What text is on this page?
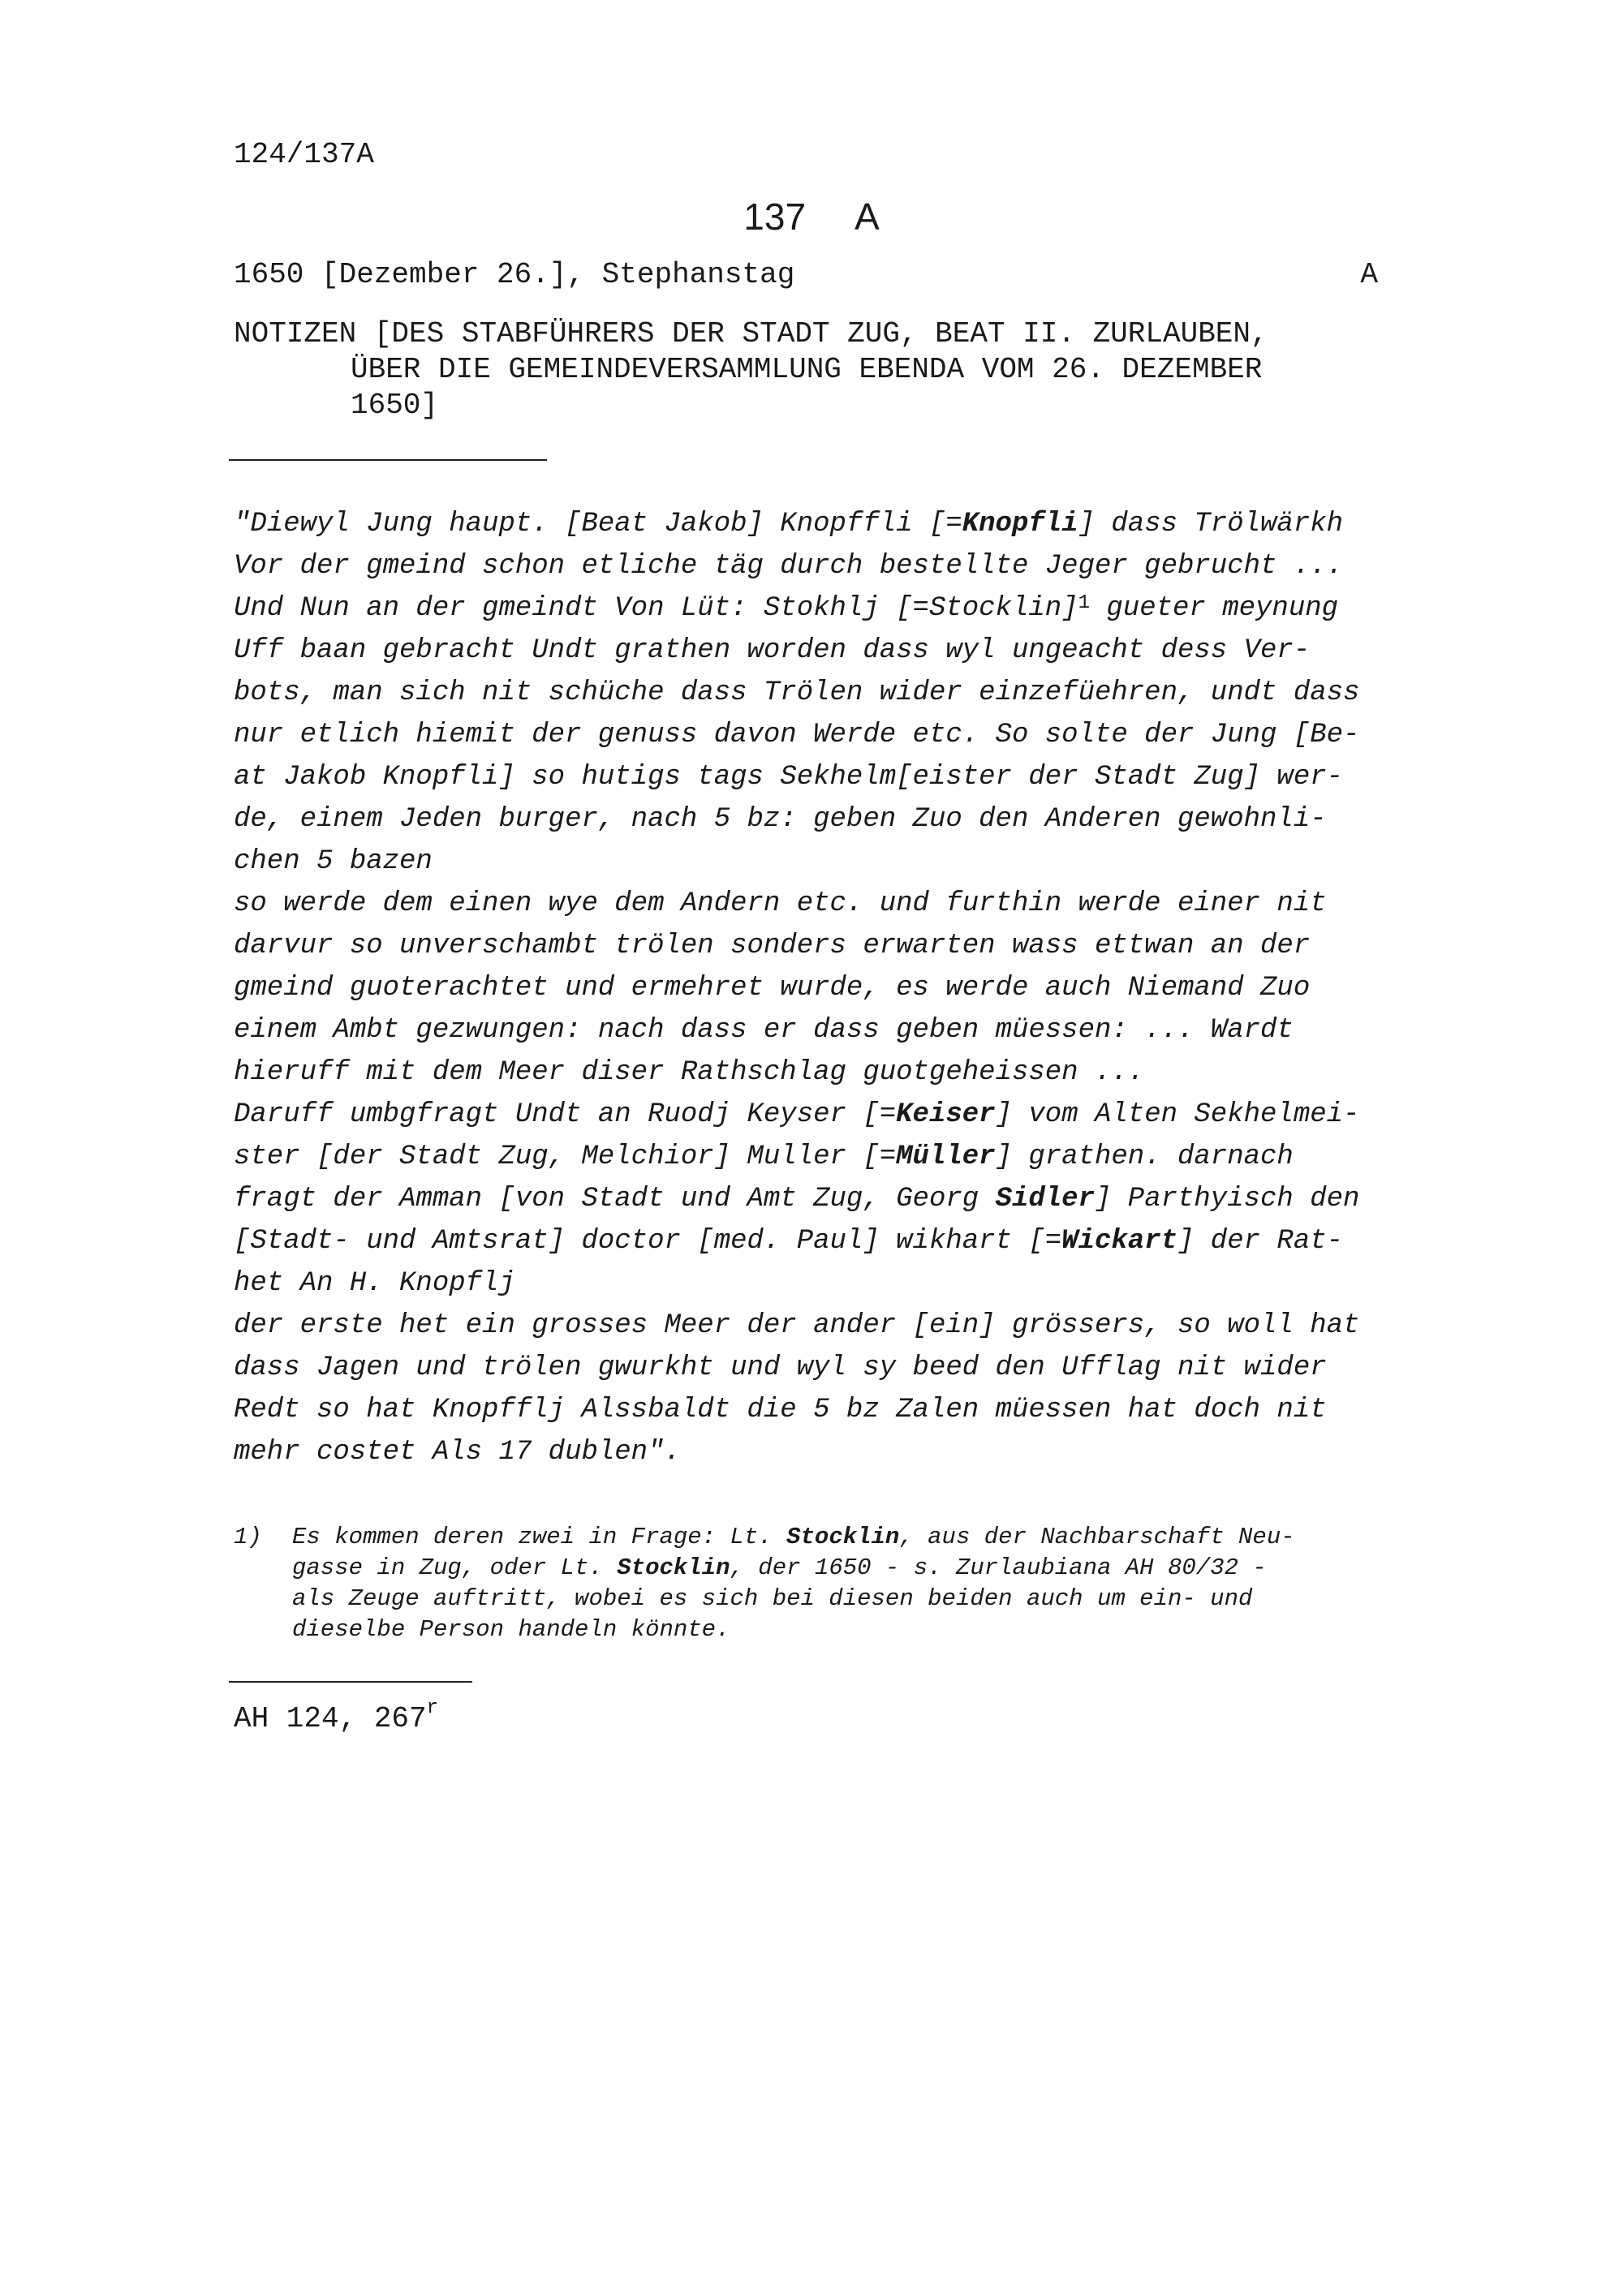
124/137A
137 A
1650 [Dezember 26.], Stephanstag	A
NOTIZEN [DES STABFÜHRERS DER STADT ZUG, BEAT II. ZURLAUBEN,
ÜBER DIE GEMEINDEVERSAMMLUNG EBENDA VOM 26. DEZEMBER
1650]
"Diewyl Jung haupt. [Beat Jakob] Knopffli [=Knopfli] dass Trölwärkh
Vor der gmeind schon etliche täg durch bestellte Jeger gebrucht ...
Und Nun an der gmeindt Von Lüt: Stokhlj [=Stocklin]$^1$ gueter meynung
Uff baan gebracht Undt grathen worden dass wyl ungeacht dess Ver-
bots, man sich nit schüche dass Trölen wider einzefüehren, undt dass
nur etlich hiemit der genuss davon Werde etc. So solte der Jung [Be-
at Jakob Knopfli] so hutigs tags Sekhelm[eister der Stadt Zug] wer-
de, einem Jeden burger, nach 5 bz: geben Zuo den Anderen gewohnli-
chen 5 bazen
so werde dem einen wye dem Andern etc. und furthin werde einer nit
darvur so unverschambt trölen sonders erwarten wass ettwan an der
gmeind guoterachtet und ermehret wurde, es werde auch Niemand Zuo
einem Ambt gezwungen: nach dass er dass geben müessen: ... Wardt
hieruff mit dem Meer diser Rathschlag guotgeheissen ...
Daruff umbgfragt Undt an Ruodj Keyser [=Keiser] vom Alten Sekhelmei-
ster [der Stadt Zug, Melchior] Muller [=Müller] grathen. darnach
fragt der Amman [von Stadt und Amt Zug, Georg Sidler] Parthyisch den
[Stadt- und Amtsrat] doctor [med. Paul] wikhart [=Wickart] der Rat-
het An H. Knopflj
der erste het ein grosses Meer der ander [ein] grössers, so woll hat
dass Jagen und trölen gwurkht und wyl sy beed den Ufflag nit wider
Redt so hat Knopfflj Alssbaldt die 5 bz Zalen müessen hat doch nit
mehr costet Als 17 dublen".
1) Es kommen deren zwei in Frage: Lt. Stocklin, aus der Nachbarschaft Neu-
gasse in Zug, oder Lt. Stocklin, der 1650 - s. Zurlaubiana AH 80/32 -
als Zeuge auftritt, wobei es sich bei diesen beiden auch um ein- und
dieselbe Person handeln könnte.
AH 124, 267$^r$
